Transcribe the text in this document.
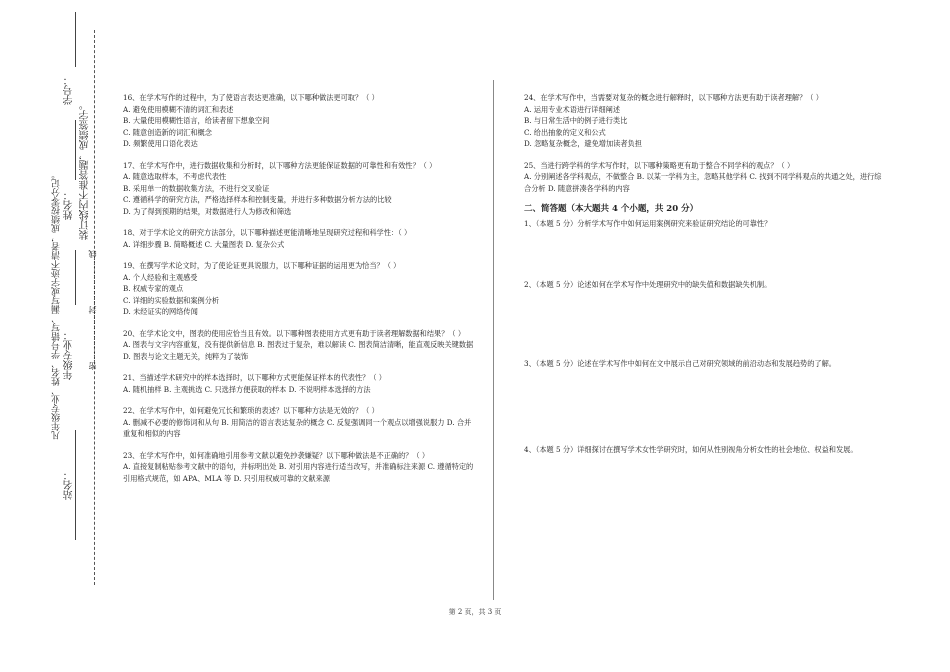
学号：
装订线内不准答题，成绩签字。
凡年级专业、姓名、学号错写、漏写或字迹不清者，成绩按零分记。 姓名：
年级专业： 密………………封………………线
站名：

16、在学术写作的过程中，为了使语言表达更准确，以下哪种做法更可取？（ ）

A. 避免使用模糊不清的词汇和表述

B. 大量使用模糊性语言，给读者留下想象空间

C. 随意创造新的词汇和概念

D. 频繁使用口语化表达

17、在学术写作中，进行数据收集和分析时，以下哪种方法更能保证数据的可靠性和有效性？（ ）

A. 随意选取样本，不考虑代表性

B. 采用单一的数据收集方法，不进行交叉验证

C. 遵循科学的研究方法，严格选择样本和控制变量，并进行多种数据分析方法的比较

D. 为了得到预期的结果，对数据进行人为修改和筛选

18、对于学术论文的研究方法部分，以下哪种描述更能清晰地呈现研究过程和科学性：（ ）

A. 详细步骤 B. 简略概述 C. 大量图表 D. 复杂公式

19、在撰写学术论文时，为了使论证更具说服力，以下哪种证据的运用更为恰当？（ ）

A. 个人经验和主观感受

B. 权威专家的观点

C. 详细的实验数据和案例分析

D. 未经证实的网络传闻

20、在学术论文中，图表的使用应恰当且有效。以下哪种图表使用方式更有助于读者理解数据和结果？（ ）

A. 图表与文字内容重复，没有提供新信息 B. 图表过于复杂，难以解读 C. 图表简洁清晰，能直观反映关键数据 D. 图表与论文主题无关，纯粹为了装饰

21、当描述学术研究中的样本选择时，以下哪种方式更能保证样本的代表性？（ ）

A. 随机抽样 B. 主观挑选 C. 只选择方便获取的样本 D. 不说明样本选择的方法

22、在学术写作中，如何避免冗长和繁琐的表述？以下哪种方法是无效的？（ ）

A. 删减不必要的修饰词和从句 B. 用简洁的语言表达复杂的概念 C. 反复强调同一个观点以增强说服力 D. 合并重复和相似的内容

23、在学术写作中，如何准确地引用参考文献以避免抄袭嫌疑？以下哪种做法是不正确的？（ ）

A. 直接复制粘贴参考文献中的语句，并标明出处 B. 对引用内容进行适当改写，并准确标注来源 C. 遵循特定的引用格式规范，如 APA、MLA 等 D. 只引用权威可靠的文献来源

24、在学术写作中，当需要对复杂的概念进行解释时，以下哪种方法更有助于读者理解？（ ）

A. 运用专业术语进行详细阐述

B. 与日常生活中的例子进行类比

C. 给出抽象的定义和公式

D. 忽略复杂概念，避免增加读者负担

25、当进行跨学科的学术写作时，以下哪种策略更有助于整合不同学科的观点？（ ）

A. 分别阐述各学科观点，不做整合 B. 以某一学科为主，忽略其他学科 C. 找到不同学科观点的共通之处，进行综合分析 D. 随意拼凑各学科的内容

二、简答题（本大题共 4 个小题，共 20 分）
1、（本题 5 分）分析学术写作中如何运用案例研究来验证研究结论的可靠性？
2、（本题 5 分）论述如何在学术写作中处理研究中的缺失值和数据缺失机制。
3、（本题 5 分）论述在学术写作中如何在文中展示自己对研究领域的前沿动态和发展趋势的了解。
4、（本题 5 分）详细探讨在撰写学术女性学研究时，如何从性别视角分析女性的社会地位、权益和发展。
第 2 页，共 3 页
